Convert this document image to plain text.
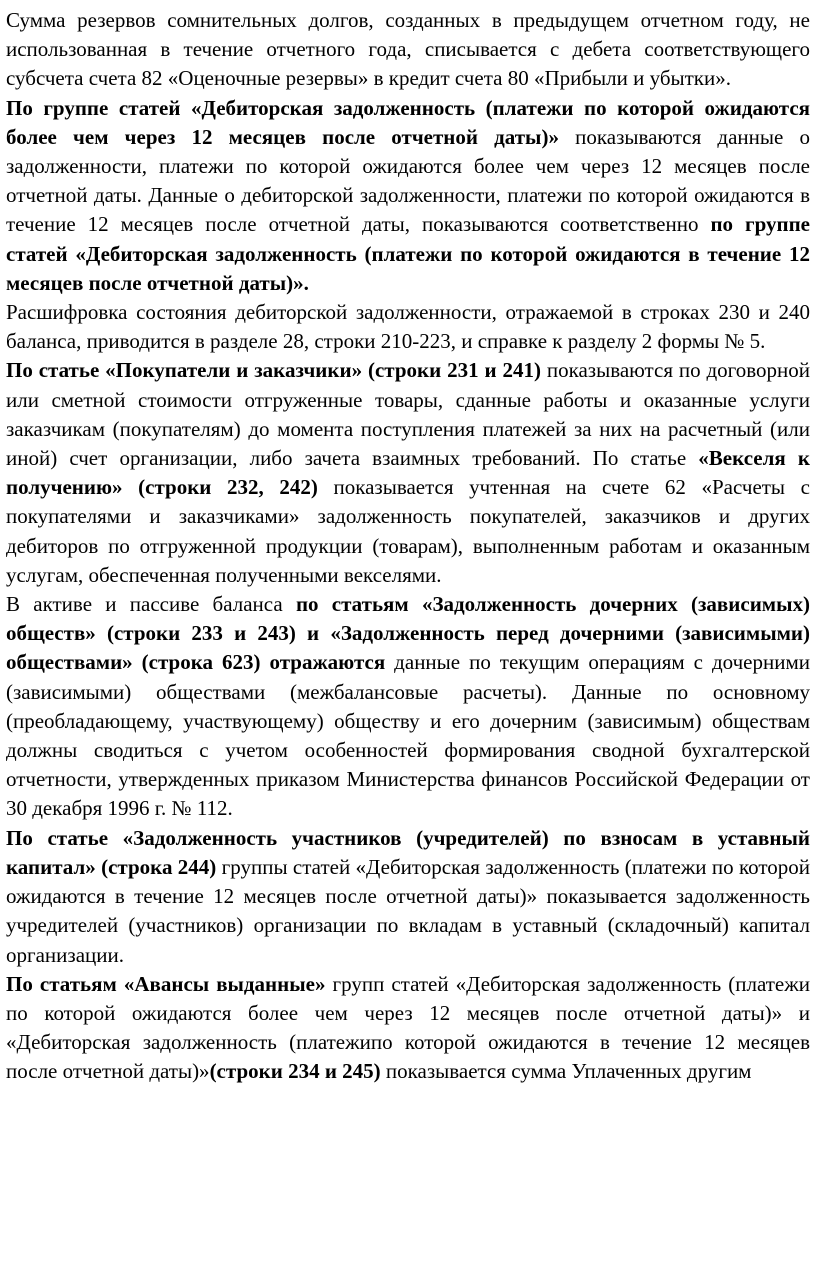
Сумма резервов сомнительных долгов, созданных в предыдущем отчетном году, не использованная в течение отчетного года, списывается с дебета соответствующего субсчета счета 82 «Оценочные резервы» в кредит счета 80 «Прибыли и убытки».

По группе статей «Дебиторская задолженность (платежи по которой ожидаются более чем через 12 месяцев после отчетной даты)» показываются данные о задолженности, платежи по которой ожидаются более чем через 12 месяцев после отчетной даты. Данные о дебиторской задолженности, платежи по которой ожидаются в течение 12 месяцев после отчетной даты, показываются соответственно по группе статей «Дебиторская задолженность (платежи по которой ожидаются в течение 12 месяцев после отчетной даты)».

Расшифровка состояния дебиторской задолженности, отражаемой в строках 230 и 240 баланса, приводится в разделе 28, строки 210-223, и справке к разделу 2 формы № 5.

По статье «Покупатели и заказчики» (строки 231 и 241) показываются по договорной или сметной стоимости отгруженные товары, сданные работы и оказанные услуги заказчикам (покупателям) до момента поступления платежей за них на расчетный (или иной) счет организации, либо зачета взаимных требований. По статье «Векселя к получению» (строки 232, 242) показывается учтенная на счете 62 «Расчеты с покупателями и заказчиками» задолженность покупателей, заказчиков и других дебиторов по отгруженной продукции (товарам), выполненным работам и оказанным услугам, обеспеченная полученными векселями.

В активе и пассиве баланса по статьям «Задолженность дочерних (зависимых) обществ» (строки 233 и 243) и «Задолженность перед дочерними (зависимыми) обществами» (строка 623) отражаются данные по текущим операциям с дочерними (зависимыми) обществами (межбалансовые расчеты). Данные по основному (преобладающему, участвующему) обществу и его дочерним (зависимым) обществам должны сводиться с учетом особенностей формирования сводной бухгалтерской отчетности, утвержденных приказом Министерства финансов Российской Федерации от 30 декабря 1996 г. № 112.

По статье «Задолженность участников (учредителей) по взносам в уставный капитал» (строка 244) группы статей «Дебиторская задолженность (платежи по которой ожидаются в течение 12 месяцев после отчетной даты)» показывается задолженность учредителей (участников) организации по вкладам в уставный (складочный) капитал организации.

По статьям «Авансы выданные» групп статей «Дебиторская задолженность (платежи по которой ожидаются более чем через 12 месяцев после отчетной даты)» и «Дебиторская задолженность (платежипо которой ожидаются в течение 12 месяцев после отчетной даты)»(строки 234 и 245) показывается сумма Уплаченных другим
